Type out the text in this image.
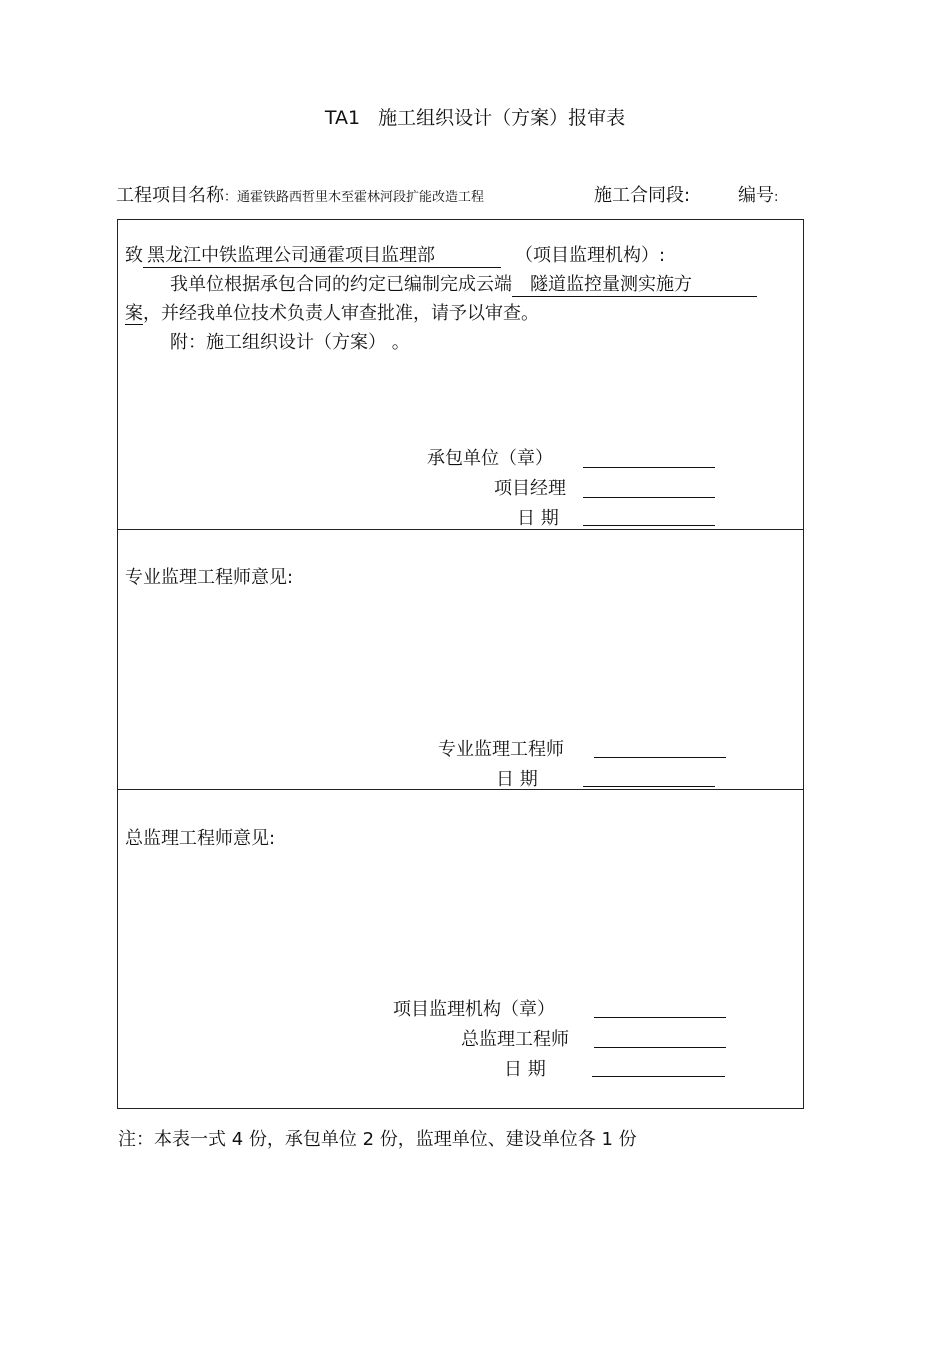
TA1 施工组织设计（方案）报审表
工程项目名称：通霍铁路西哲里木至霍林河段扩能改造工程	施工合同段:	编号:
致 黑龙江中铁监理公司通霍项目监理部	（项目监理机构）:
我单位根据承包合同的约定已编制完成云端 隧道监控量测实施方
案，并经我单位技术负责人审查批准，请予以审查。
附：施工组织设计（方案） 。
承包单位（章）
项目经理
日 期
专业监理工程师意见:
专业监理工程师
日 期
总监理工程师意见:
项目监理机构（章）
总监理工程师
日 期
注：本表一式 4 份，承包单位 2 份，监理单位、建设单位各 1 份
